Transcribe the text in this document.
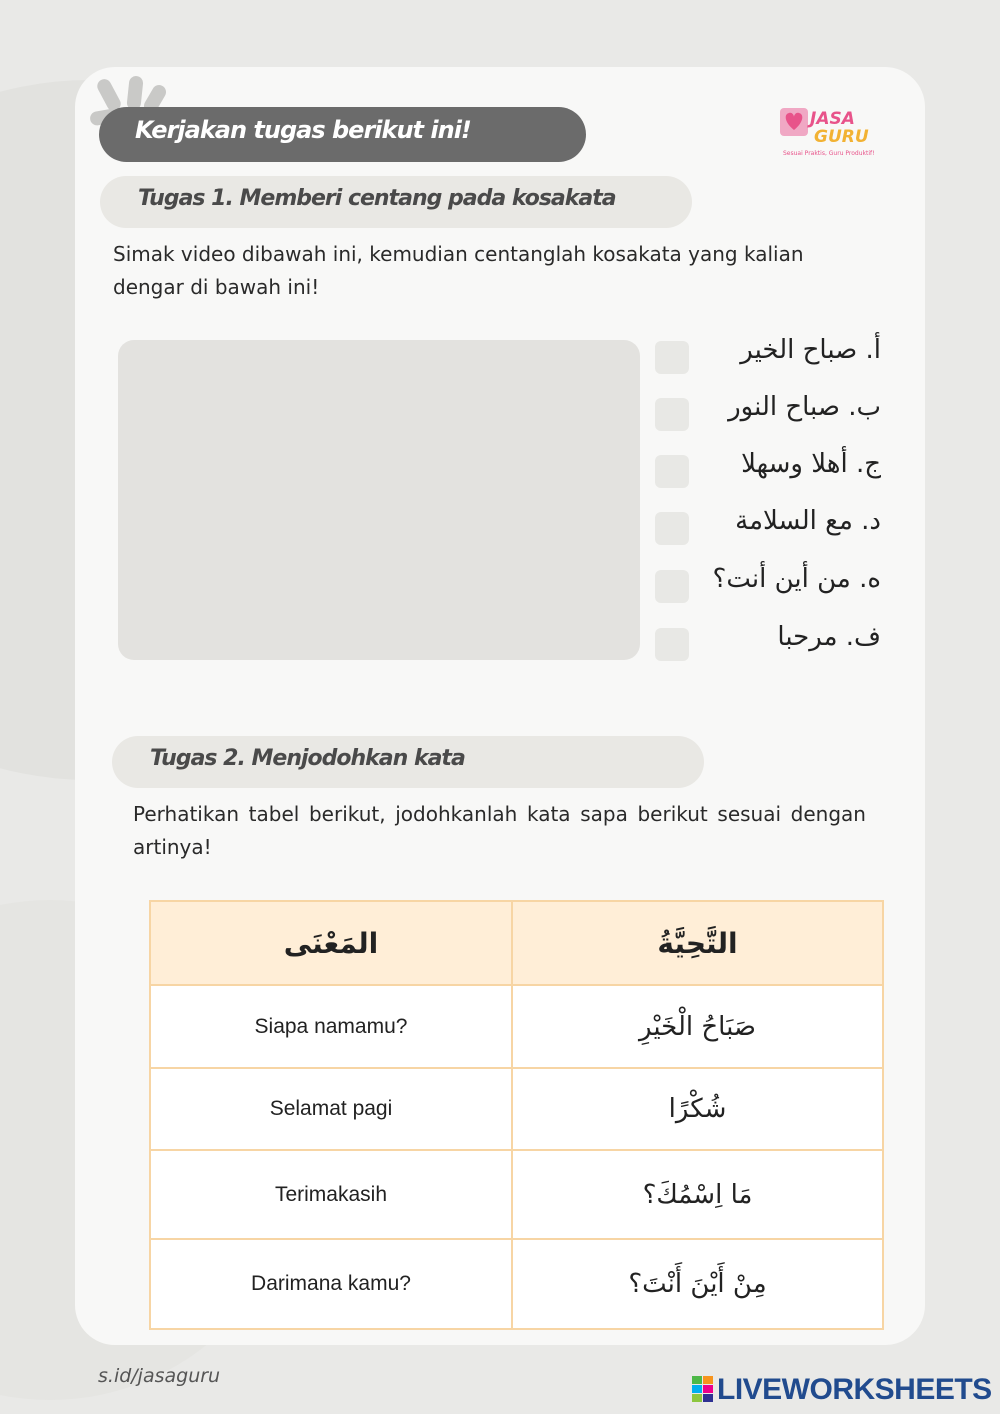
Kerjakan tugas berikut ini!	JASA
GURU
Sesuai Praktis, Guru Produktif!
Tugas 1. Memberi centang pada kosakata
Simak video dibawah ini, kemudian centanglah kosakata yang kalian dengar di bawah ini!
أ. صباح الخير
ب. صباح النور
ج. أهلا وسهلا
د. مع السلامة
ه. من أين أنت؟
ف. مرحبا
Tugas 2. Menjodohkan kata
Perhatikan tabel berikut, jodohkanlah kata sapa berikut sesuai dengan artinya!
المَعْنَى	التَّحِيَّةُ
Siapa namamu?	صَبَاحُ الْخَيْرِ
Selamat pagi	شُكْرًا
Terimakasih	مَا اِسْمُكَ؟
Darimana kamu?	مِنْ أَيْنَ أَنْتَ؟
s.id/jasaguru	LIVEWORKSHEETS
